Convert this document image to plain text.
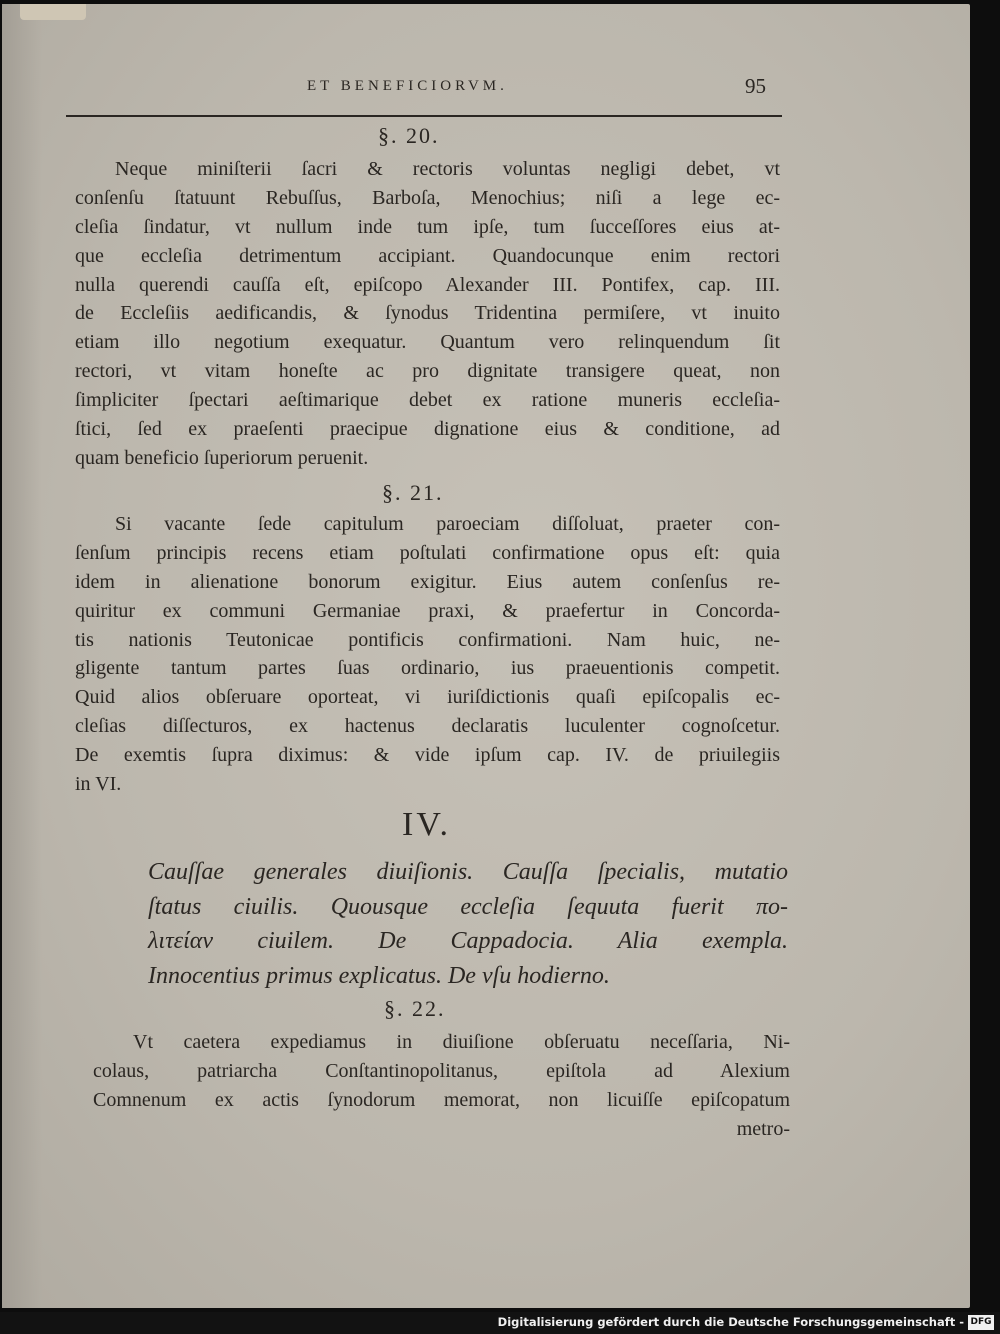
ET BENEFICIORVM.	95
§. 20.
Neque miniſterii ſacri & rectoris voluntas negligi debet, vt
conſenſu ſtatuunt Rebuſſus, Barboſa, Menochius; niſi a lege ec-
cleſia ſindatur, vt nullum inde tum ipſe, tum ſucceſſores eius at-
que eccleſia detrimentum accipiant. Quandocunque enim rectori
nulla querendi cauſſa eſt, epiſcopo Alexander III. Pontifex, cap. III.
de Eccleſiis aedificandis, & ſynodus Tridentina permiſere, vt inuito
etiam illo negotium exequatur. Quantum vero relinquendum ſit
rectori, vt vitam honeſte ac pro dignitate transigere queat, non
ſimpliciter ſpectari aeſtimarique debet ex ratione muneris eccleſia-
ſtici, ſed ex praeſenti praecipue dignatione eius & conditione, ad
quam beneficio ſuperiorum peruenit.
§. 21.
Si vacante ſede capitulum paroeciam diſſoluat, praeter con-
ſenſum principis recens etiam poſtulati confirmatione opus eſt: quia
idem in alienatione bonorum exigitur. Eius autem conſenſus re-
quiritur ex communi Germaniae praxi, & praefertur in Concorda-
tis nationis Teutonicae pontificis confirmationi. Nam huic, ne-
gligente tantum partes ſuas ordinario, ius praeuentionis competit.
Quid alios obſeruare oporteat, vi iuriſdictionis quaſi epiſcopalis ec-
cleſias diſſecturos, ex hactenus declaratis luculenter cognoſcetur.
De exemtis ſupra diximus: & vide ipſum cap. IV. de priuilegiis
in VI.
IV.
Cauſſae generales diuiſionis. Cauſſa ſpecialis, mutatio
ſtatus ciuilis. Quousque eccleſia ſequuta fuerit πο-
λιτείαν ciuilem. De Cappadocia. Alia exempla.
Innocentius primus explicatus. De vſu hodierno.
§. 22.
Vt caetera expediamus in diuiſione obſeruatu neceſſaria, Ni-
colaus, patriarcha Conſtantinopolitanus, epiſtola ad Alexium
Comnenum ex actis ſynodorum memorat, non licuiſſe epiſcopatum
metro-
Digitalisierung gefördert durch die Deutsche Forschungsgemeinschaft - DFG
